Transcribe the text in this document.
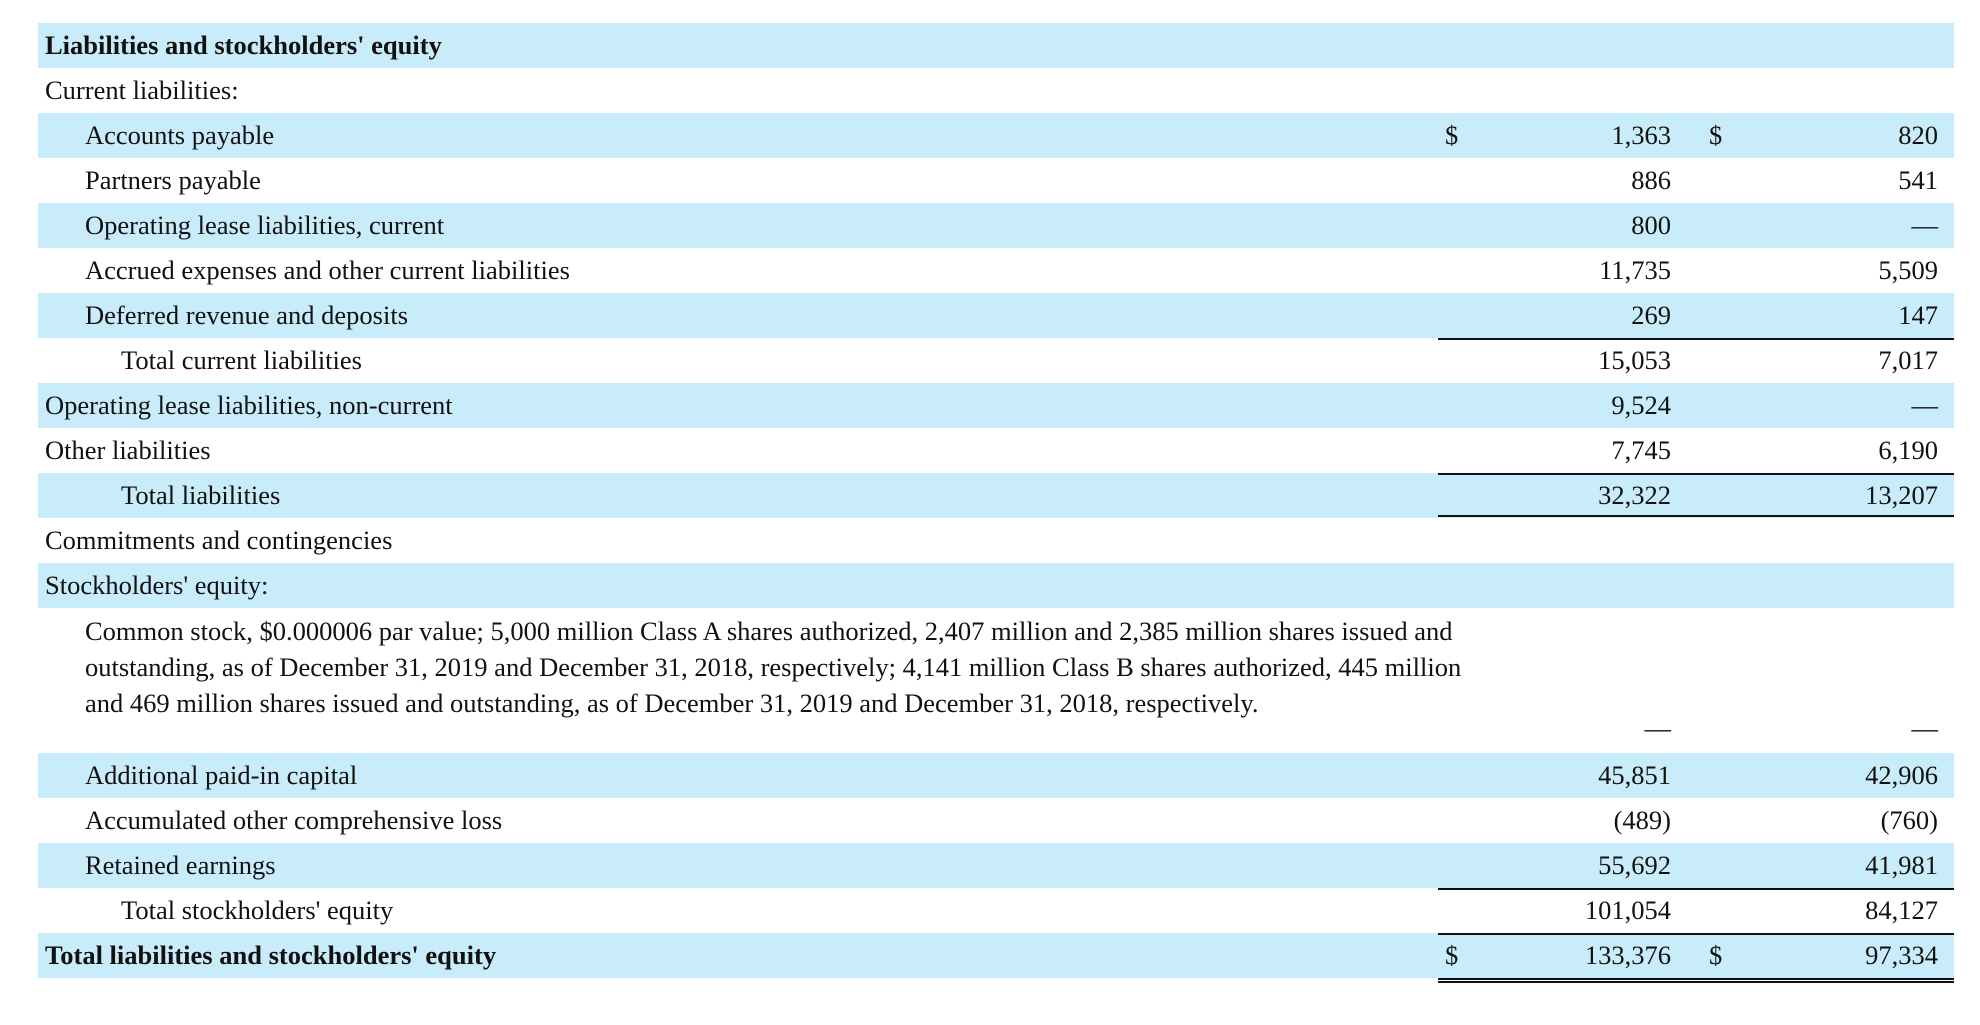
Liabilities and stockholders' equity
Current liabilities:
Accounts payable	$	1,363 $	820
Partners payable	886	541
Operating lease liabilities, current	800	—
Accrued expenses and other current liabilities	11,735	5,509
Deferred revenue and deposits	269	147
Total current liabilities	15,053	7,017
Operating lease liabilities, non-current	9,524	—
Other liabilities	7,745	6,190
Total liabilities	32,322	13,207
Commitments and contingencies
Stockholders' equity:
Common stock, $0.000006 par value; 5,000 million Class A shares authorized, 2,407 million and 2,385 million shares issued and outstanding, as of December 31, 2019 and December 31, 2018, respectively; 4,141 million Class B shares authorized, 445 million and 469 million shares issued and outstanding, as of December 31, 2019 and December 31, 2018, respectively.
—	—
Additional paid-in capital	45,851	42,906
Accumulated other comprehensive loss	(489)	(760)
Retained earnings	55,692	41,981
Total stockholders' equity	101,054	84,127
Total liabilities and stockholders' equity	$	133,376 $	97,334
